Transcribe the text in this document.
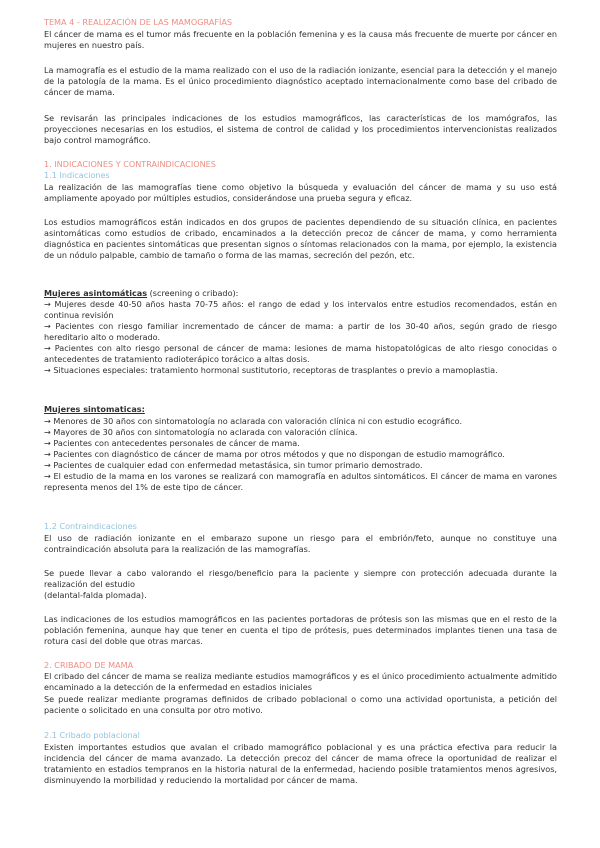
TEMA 4 - REALIZACIÓN DE LAS MAMOGRAFÍAS

El cáncer de mama es el tumor más frecuente en la población femenina y es la causa más frecuente de muerte por cáncer en mujeres en nuestro país.

La mamografía es el estudio de la mama realizado con el uso de la radiación ionizante, esencial para la detección y el manejo de la patología de la mama. Es el único procedimiento diagnóstico aceptado internacionalmente como base del cribado de cáncer de mama.

Se revisarán las principales indicaciones de los estudios mamográficos, las características de los mamógrafos, las proyecciones necesarias en los estudios, el sistema de control de calidad y los procedimientos intervencionistas realizados bajo control mamográfico.

1. INDICACIONES Y CONTRAINDICACIONES
1.1 Indicaciones

La realización de las mamografías tiene como objetivo la búsqueda y evaluación del cáncer de mama y su uso está ampliamente apoyado por múltiples estudios, considerándose una prueba segura y eficaz.

Los estudios mamográficos están indicados en dos grupos de pacientes dependiendo de su situación clínica, en pacientes asintomáticas como estudios de cribado, encaminados a la detección precoz de cáncer de mama, y como herramienta diagnóstica en pacientes sintomáticas que presentan signos o síntomas relacionados con la mama, por ejemplo, la existencia de un nódulo palpable, cambio de tamaño o forma de las mamas, secreción del pezón, etc.

Mujeres asintomáticas (screening o cribado):
→ Mujeres desde 40-50 años hasta 70-75 años: el rango de edad y los intervalos entre estudios recomendados, están en continua revisión
→ Pacientes con riesgo familiar incrementado de cáncer de mama: a partir de los 30-40 años, según grado de riesgo hereditario alto o moderado.
→ Pacientes con alto riesgo personal de cáncer de mama: lesiones de mama histopatológicas de alto riesgo conocidas o antecedentes de tratamiento radioterápico torácico a altas dosis.
→ Situaciones especiales: tratamiento hormonal sustitutorio, receptoras de trasplantes o previo a mamoplastia.
Mujeres sintomaticas:
→ Menores de 30 años con sintomatología no aclarada con valoración clínica ni con estudio ecográfico.
→ Mayores de 30 años con sintomatología no aclarada con valoración clínica.
→ Pacientes con antecedentes personales de cáncer de mama.
→ Pacientes con diagnóstico de cáncer de mama por otros métodos y que no dispongan de estudio mamográfico.
→ Pacientes de cualquier edad con enfermedad metastásica, sin tumor primario demostrado.
→ El estudio de la mama en los varones se realizará con mamografía en adultos sintomáticos. El cáncer de mama en varones representa menos del 1% de este tipo de cáncer.
1.2 Contraindicaciones

El uso de radiación ionizante en el embarazo supone un riesgo para el embrión/feto, aunque no constituye una contraindicación absoluta para la realización de las mamografías.

Se puede llevar a cabo valorando el riesgo/beneficio para la paciente y siempre con protección adecuada durante la realización del estudio
(delantal-falda plomada).

Las indicaciones de los estudios mamográficos en las pacientes portadoras de prótesis son las mismas que en el resto de la población femenina, aunque hay que tener en cuenta el tipo de prótesis, pues determinados implantes tienen una tasa de rotura casi del doble que otras marcas.

2. CRIBADO DE MAMA

El cribado del cáncer de mama se realiza mediante estudios mamográficos y es el único procedimiento actualmente admitido encaminado a la detección de la enfermedad en estadios iniciales

Se puede realizar mediante programas definidos de cribado poblacional o como una actividad oportunista, a petición del paciente o solicitado en una consulta por otro motivo.

2.1 Cribado poblacional

Existen importantes estudios que avalan el cribado mamográfico poblacional y es una práctica efectiva para reducir la incidencia del cáncer de mama avanzado. La detección precoz del cáncer de mama ofrece la oportunidad de realizar el tratamiento en estadios tempranos en la historia natural de la enfermedad, haciendo posible tratamientos menos agresivos, disminuyendo la morbilidad y reduciendo la mortalidad por cáncer de mama.
